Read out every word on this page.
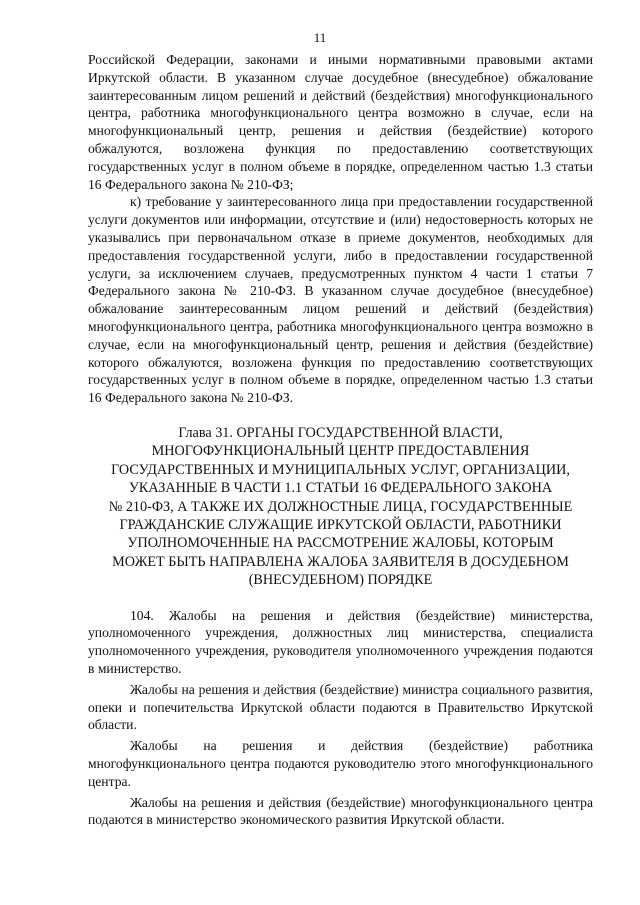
11

Российской Федерации, законами и иными нормативными правовыми актами Иркутской области. В указанном случае досудебное (внесудебное) обжалование заинтересованным лицом решений и действий (бездействия) многофункционального центра, работника многофункционального центра возможно в случае, если на многофункциональный центр, решения и действия (бездействие) которого обжалуются, возложена функция по предоставлению соответствующих государственных услуг в полном объеме в порядке, определенном частью 1.3 статьи 16 Федерального закона № 210-ФЗ;

к) требование у заинтересованного лица при предоставлении государственной услуги документов или информации, отсутствие и (или) недостоверность которых не указывались при первоначальном отказе в приеме документов, необходимых для предоставления государственной услуги, либо в предоставлении государственной услуги, за исключением случаев, предусмотренных пунктом 4 части 1 статьи 7 Федерального закона № 210-ФЗ. В указанном случае досудебное (внесудебное) обжалование заинтересованным лицом решений и действий (бездействия) многофункционального центра, работника многофункционального центра возможно в случае, если на многофункциональный центр, решения и действия (бездействие) которого обжалуются, возложена функция по предоставлению соответствующих государственных услуг в полном объеме в порядке, определенном частью 1.3 статьи 16 Федерального закона № 210-ФЗ.

Глава 31. ОРГАНЫ ГОСУДАРСТВЕННОЙ ВЛАСТИ,
МНОГОФУНКЦИОНАЛЬНЫЙ ЦЕНТР ПРЕДОСТАВЛЕНИЯ
ГОСУДАРСТВЕННЫХ И МУНИЦИПАЛЬНЫХ УСЛУГ, ОРГАНИЗАЦИИ,
УКАЗАННЫЕ В ЧАСТИ 1.1 СТАТЬИ 16 ФЕДЕРАЛЬНОГО ЗАКОНА
№ 210-ФЗ, А ТАКЖЕ ИХ ДОЛЖНОСТНЫЕ ЛИЦА, ГОСУДАРСТВЕННЫЕ
ГРАЖДАНСКИЕ СЛУЖАЩИЕ ИРКУТСКОЙ ОБЛАСТИ, РАБОТНИКИ
УПОЛНОМОЧЕННЫЕ НА РАССМОТРЕНИЕ ЖАЛОБЫ, КОТОРЫМ
МОЖЕТ БЫТЬ НАПРАВЛЕНА ЖАЛОБА ЗАЯВИТЕЛЯ В ДОСУДЕБНОМ
(ВНЕСУДЕБНОМ) ПОРЯДКЕ

104. Жалобы на решения и действия (бездействие) министерства, уполномоченного учреждения, должностных лиц министерства, специалиста уполномоченного учреждения, руководителя уполномоченного учреждения подаются в министерство.

Жалобы на решения и действия (бездействие) министра социального развития, опеки и попечительства Иркутской области подаются в Правительство Иркутской области.

Жалобы на решения и действия (бездействие) работника многофункционального центра подаются руководителю этого многофункционального центра.

Жалобы на решения и действия (бездействие) многофункционального центра подаются в министерство экономического развития Иркутской области.
